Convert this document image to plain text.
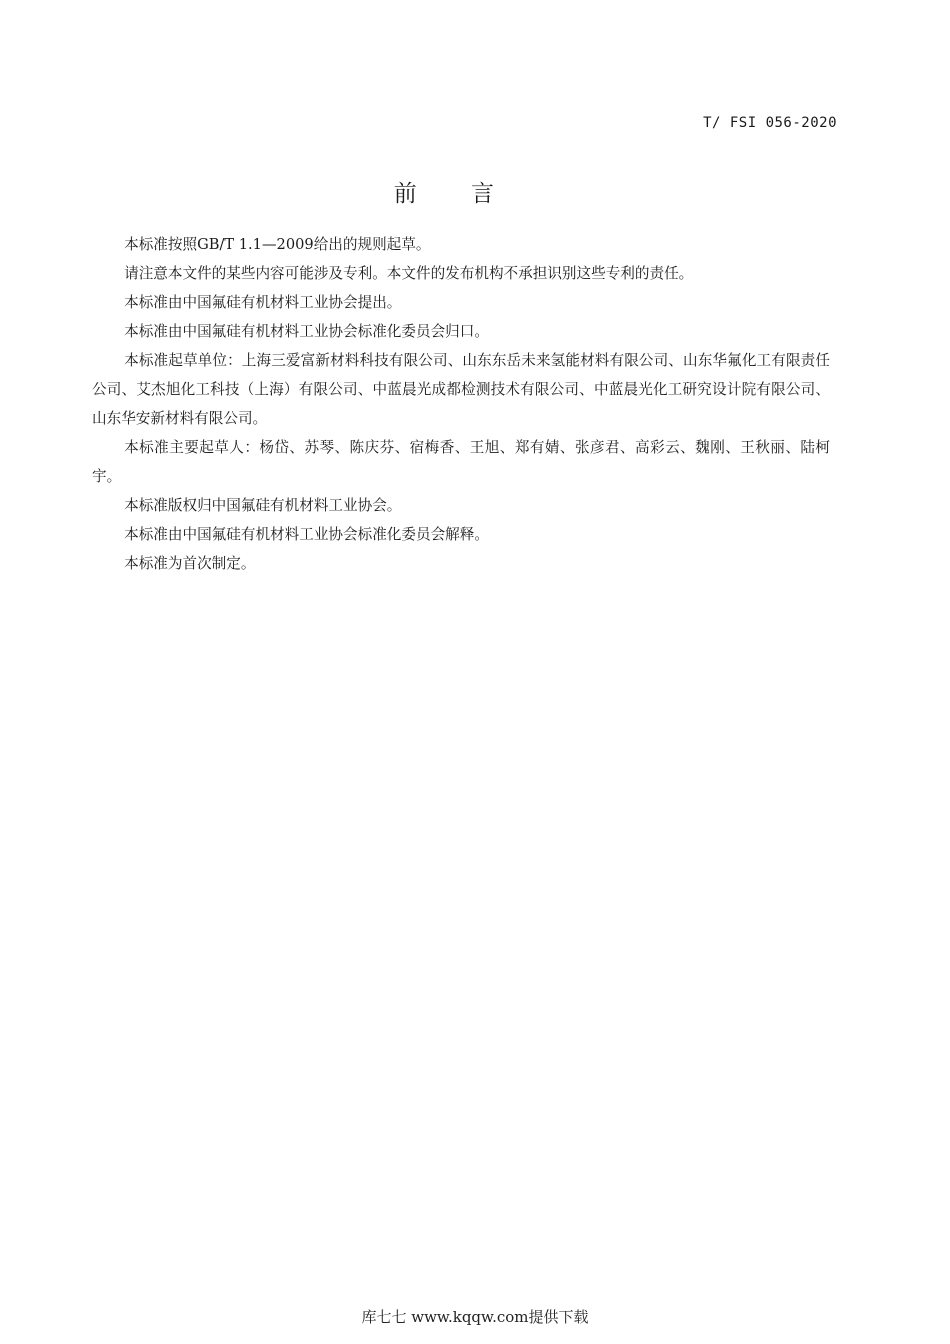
T/ FSI 056-2020
前 言

本标准按照GB/T 1.1—2009给出的规则起草。

请注意本文件的某些内容可能涉及专利。本文件的发布机构不承担识别这些专利的责任。

本标准由中国氟硅有机材料工业协会提出。

本标准由中国氟硅有机材料工业协会标准化委员会归口。

本标准起草单位：上海三爱富新材料科技有限公司、山东东岳未来氢能材料有限公司、山东华氟化工有限责任公司、艾杰旭化工科技（上海）有限公司、中蓝晨光成都检测技术有限公司、中蓝晨光化工研究设计院有限公司、山东华安新材料有限公司。

本标准主要起草人：杨岱、苏琴、陈庆芬、宿梅香、王旭、郑有婧、张彦君、高彩云、魏刚、王秋丽、陆柯宇。

本标准版权归中国氟硅有机材料工业协会。

本标准由中国氟硅有机材料工业协会标准化委员会解释。

本标准为首次制定。

库七七 www.kqqw.com提供下载
